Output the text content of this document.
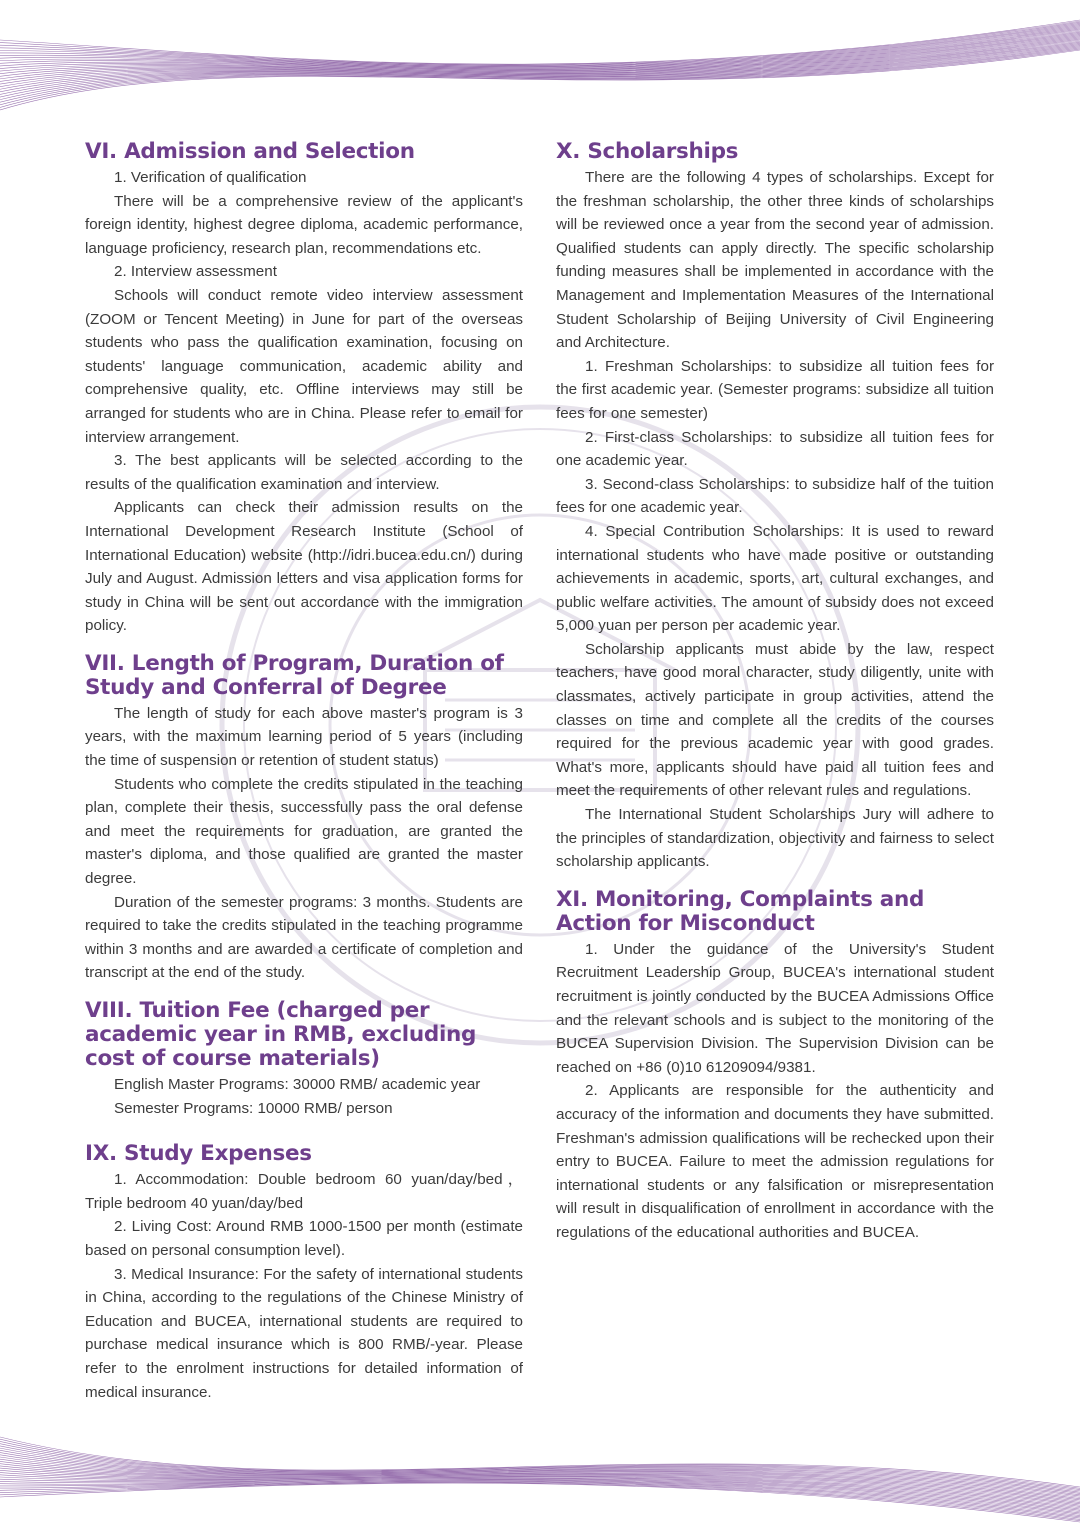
VI. Admission and Selection

1. Verification of qualification

There will be a comprehensive review of the applicant's foreign identity, highest degree diploma, academic performance, language proficiency, research plan, recommendations etc.

2. Interview assessment

Schools will conduct remote video interview assessment (ZOOM or Tencent Meeting) in June for part of the overseas students who pass the qualification examination, focusing on students' language communication, academic ability and comprehensive quality, etc. Offline interviews may still be arranged for students who are in China. Please refer to email for interview arrangement.

3. The best applicants will be selected according to the results of the qualification examination and interview.

Applicants can check their admission results on the International Development Research Institute (School of International Education) website (http://idri.bucea.edu.cn/) during July and August. Admission letters and visa application forms for study in China will be sent out accordance with the immigration policy.

VII. Length of Program, Duration of Study and Conferral of Degree

The length of study for each above master's program is 3 years, with the maximum learning period of 5 years (including the time of suspension or retention of student status)

Students who complete the credits stipulated in the teaching plan, complete their thesis, successfully pass the oral defense and meet the requirements for graduation, are granted the master's diploma, and those qualified are granted the master degree.

Duration of the semester programs: 3 months. Students are required to take the credits stipulated in the teaching programme within 3 months and are awarded a certificate of completion and transcript at the end of the study.

VIII. Tuition Fee (charged per academic year in RMB, excluding cost of course materials)

English Master Programs: 30000 RMB/ academic year

Semester Programs: 10000 RMB/ person

IX. Study Expenses

1. Accommodation: Double bedroom 60 yuan/day/bed，Triple bedroom 40 yuan/day/bed

2. Living Cost: Around RMB 1000-1500 per month (estimate based on personal consumption level).

3. Medical Insurance: For the safety of international students in China, according to the regulations of the Chinese Ministry of Education and BUCEA, international students are required to purchase medical insurance which is 800 RMB/-year. Please refer to the enrolment instructions for detailed information of medical insurance.

X. Scholarships

There are the following 4 types of scholarships. Except for the freshman scholarship, the other three kinds of scholarships will be reviewed once a year from the second year of admission. Qualified students can apply directly. The specific scholarship funding measures shall be implemented in accordance with the Management and Implementation Measures of the International Student Scholarship of Beijing University of Civil Engineering and Architecture.

1. Freshman Scholarships: to subsidize all tuition fees for the first academic year. (Semester programs: subsidize all tuition fees for one semester)

2. First-class Scholarships: to subsidize all tuition fees for one academic year.

3. Second-class Scholarships: to subsidize half of the tuition fees for one academic year.

4. Special Contribution Scholarships: It is used to reward international students who have made positive or outstanding achievements in academic, sports, art, cultural exchanges, and public welfare activities. The amount of subsidy does not exceed 5,000 yuan per person per academic year.

Scholarship applicants must abide by the law, respect teachers, have good moral character, study diligently, unite with classmates, actively participate in group activities, attend the classes on time and complete all the credits of the courses required for the previous academic year with good grades. What's more, applicants should have paid all tuition fees and meet the requirements of other relevant rules and regulations.

The International Student Scholarships Jury will adhere to the principles of standardization, objectivity and fairness to select scholarship applicants.

XI. Monitoring, Complaints and Action for Misconduct

1. Under the guidance of the University's Student Recruitment Leadership Group, BUCEA's international student recruitment is jointly conducted by the BUCEA Admissions Office and the relevant schools and is subject to the monitoring of the BUCEA Supervision Division. The Supervision Division can be reached on +86 (0)10 61209094/9381.

2. Applicants are responsible for the authenticity and accuracy of the information and documents they have submitted. Freshman's admission qualifications will be rechecked upon their entry to BUCEA. Failure to meet the admission regulations for international students or any falsification or misrepresentation will result in disqualification of enrollment in accordance with the regulations of the educational authorities and BUCEA.
